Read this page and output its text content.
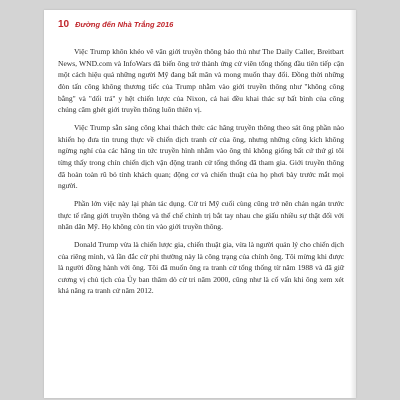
10 Đường đến Nhà Trắng 2016

Việc Trump khôn khéo vẽ vãn giới truyền thông bảo thủ như The Daily Caller, Breitbart News, WND.com và InfoWars đã biến ông trở thành ứng cử viên tổng thống đầu tiên tiếp cận một cách hiệu quả những người Mỹ đang bất mãn và mong muốn thay đổi. Đồng thời những đòn tấn công không thương tiếc của Trump nhằm vào giới truyền thông như "không công bằng" và "dối trá" y hệt chiến lược của Nixon, cả hai đều khai thác sự bất bình của công chúng căm ghét giới truyền thông luôn thiên vị.

Việc Trump sẵn sàng công khai thách thức các hãng truyền thông theo sát ông phần nào khiến họ đưa tin trung thực về chiến dịch tranh cử của ông, nhưng những công kích không ngừng nghỉ của các hãng tin tức truyền hình nhằm vào ông thì không giống bất cứ thứ gì tôi từng thấy trong chín chiến dịch vận động tranh cử tổng thống đã tham gia. Giới truyền thông đã hoàn toàn rũ bỏ tính khách quan; động cơ và chiến thuật của họ phơi bày trước mắt mọi người.

Phần lớn việc này lại phản tác dụng. Cử tri Mỹ cuối cùng cũng trở nên chán ngán trước thực tế rằng giới truyền thông và thể chế chính trị bắt tay nhau che giấu nhiều sự thật đối với nhân dân Mỹ. Họ không còn tin vào giới truyền thông.

Donald Trump vừa là chiến lược gia, chiến thuật gia, vừa là người quản lý cho chiến dịch của riêng mình, và lần đắc cử phi thường này là công trạng của chính ông. Tôi mừng khi được là người đồng hành với ông. Tôi đã muốn ông ra tranh cử tổng thống từ năm 1988 và đã giữ cương vị chủ tịch của Ủy ban thăm dò cử tri năm 2000, cũng như là cố vấn khi ông xem xét khả năng ra tranh cử năm 2012.
